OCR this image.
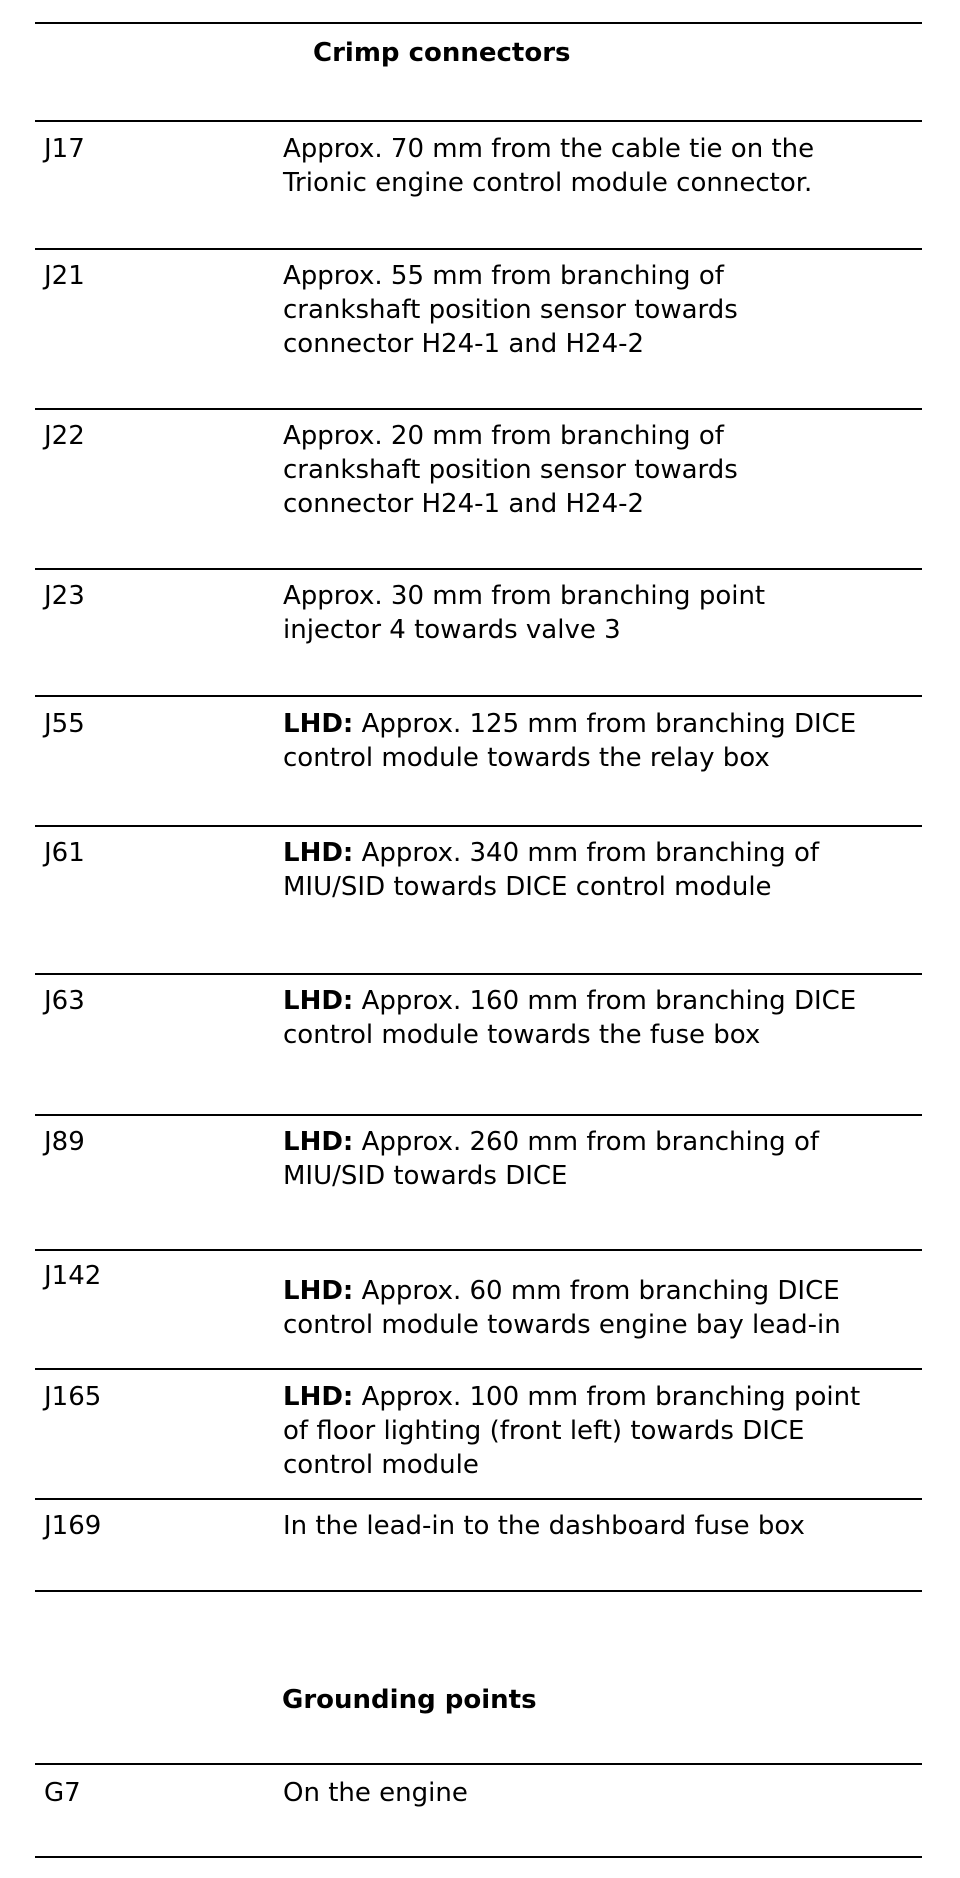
Crimp connectors
J17	Approx. 70 mm from the cable tie on the
Trionic engine control module connector.
J21	Approx. 55 mm from branching of
crankshaft position sensor towards
connector H24-1 and H24-2
J22	Approx. 20 mm from branching of
crankshaft position sensor towards
connector H24-1 and H24-2
J23	Approx. 30 mm from branching point
injector 4 towards valve 3
J55	LHD: Approx. 125 mm from branching DICE
control module towards the relay box
J61	LHD: Approx. 340 mm from branching of
MIU/SID towards DICE control module
J63	LHD: Approx. 160 mm from branching DICE
control module towards the fuse box
J89	LHD: Approx. 260 mm from branching of
MIU/SID towards DICE
J142	LHD: Approx. 60 mm from branching DICE
control module towards engine bay lead-in
J165	LHD: Approx. 100 mm from branching point
of floor lighting (front left) towards DICE
control module
J169	In the lead-in to the dashboard fuse box
Grounding points
G7	On the engine
